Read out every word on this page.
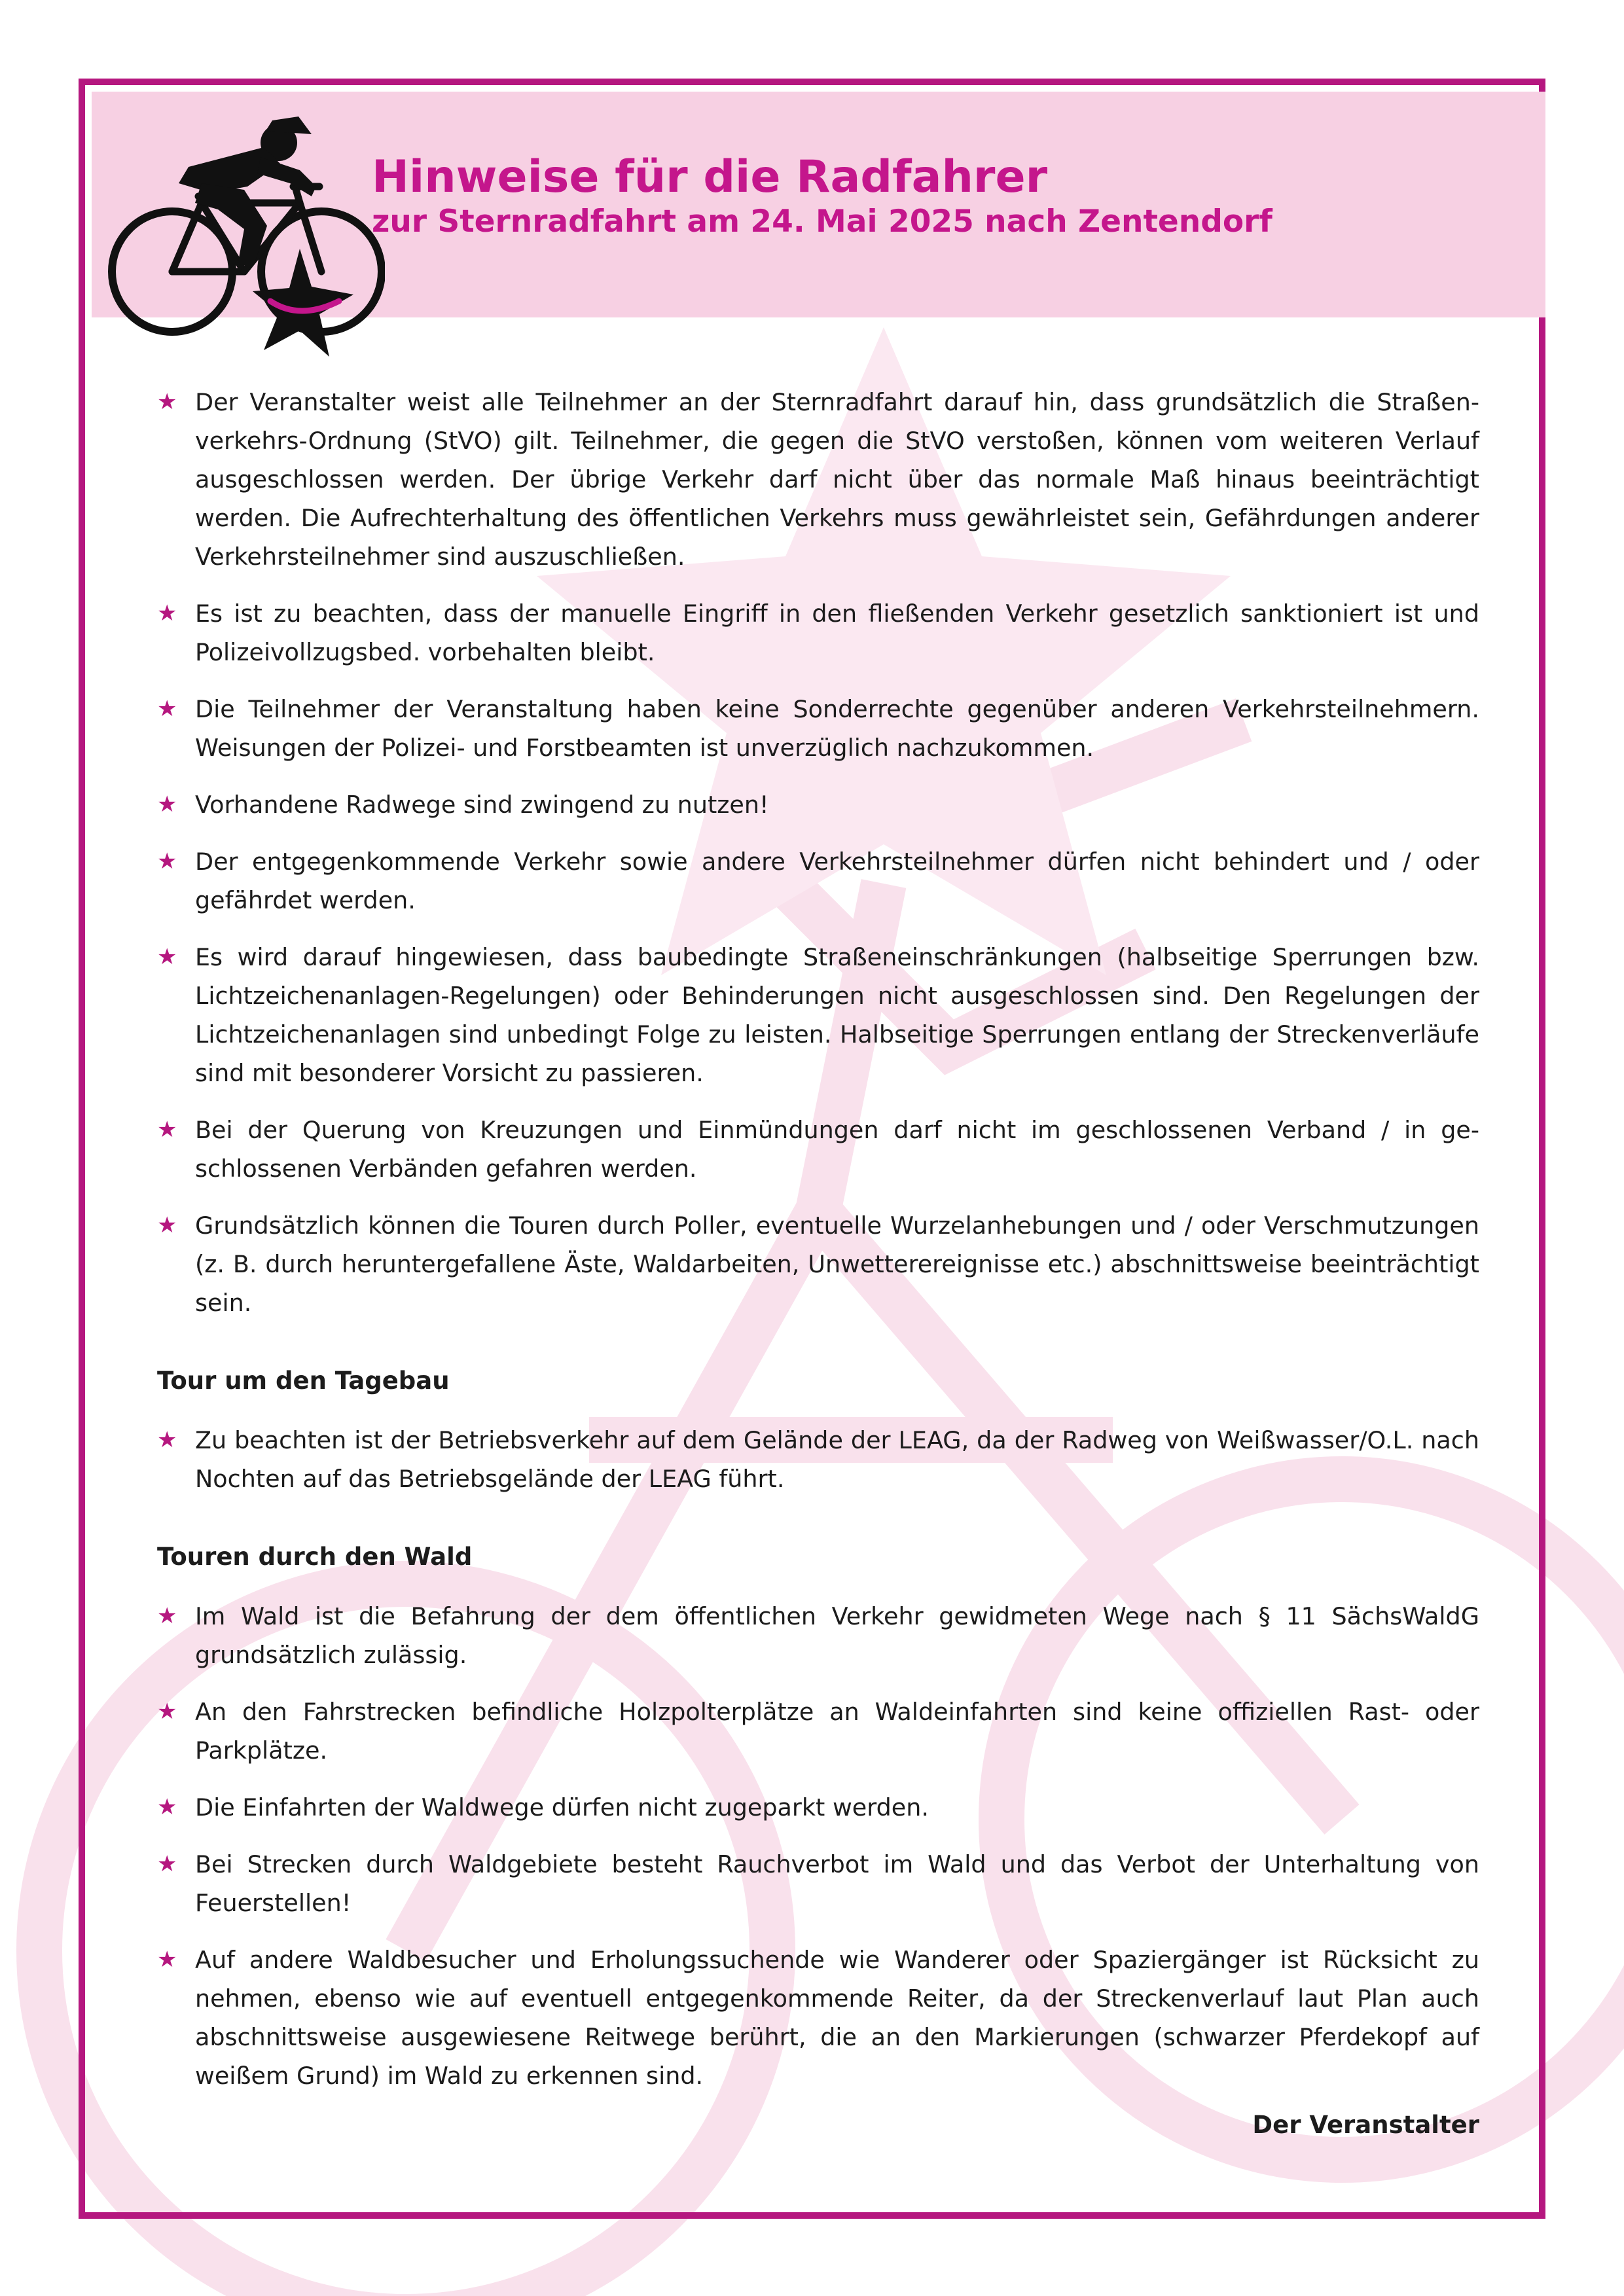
Hinweise für die Radfahrer
zur Sternradfahrt am 24. Mai 2025 nach Zentendorf
★ Der Veranstalter weist alle Teilnehmer an der Sternradfahrt darauf hin, dass grundsätzlich die Straßenverkehrs-Ordnung (StVO) gilt. Teilnehmer, die gegen die StVO verstoßen, können vom weiteren Verlauf ausgeschlossen werden. Der übrige Verkehr darf nicht über das normale Maß hinaus beeinträchtigt werden. Die Aufrechterhaltung des öffentlichen Verkehrs muss gewährleistet sein, Gefährdungen anderer Verkehrsteilnehmer sind auszuschließen.
★ Es ist zu beachten, dass der manuelle Eingriff in den fließenden Verkehr gesetzlich sanktioniert ist und Polizeivollzugsbed. vorbehalten bleibt.
★ Die Teilnehmer der Veranstaltung haben keine Sonderrechte gegenüber anderen Verkehrsteilnehmern. Weisungen der Polizei- und Forstbeamten ist unverzüglich nachzukommen.
★ Vorhandene Radwege sind zwingend zu nutzen!
★ Der entgegenkommende Verkehr sowie andere Verkehrsteilnehmer dürfen nicht behindert und / oder gefährdet werden.
★ Es wird darauf hingewiesen, dass baubedingte Straßeneinschränkungen (halbseitige Sperrungen bzw. Lichtzeichenanlagen-Regelungen) oder Behinderungen nicht ausgeschlossen sind. Den Regelungen der Lichtzeichenanlagen sind unbedingt Folge zu leisten. Halbseitige Sperrungen entlang der Streckenverläufe sind mit besonderer Vorsicht zu passieren.
★ Bei der Querung von Kreuzungen und Einmündungen darf nicht im geschlossenen Verband / in geschlossenen Verbänden gefahren werden.
★ Grundsätzlich können die Touren durch Poller, eventuelle Wurzelanhebungen und / oder Verschmutzungen (z. B. durch heruntergefallene Äste, Waldarbeiten, Unwetterereignisse etc.) abschnittsweise beeinträchtigt sein.
Tour um den Tagebau
★ Zu beachten ist der Betriebsverkehr auf dem Gelände der LEAG, da der Radweg von Weißwasser/O.L. nach Nochten auf das Betriebsgelände der LEAG führt.
Touren durch den Wald
★ Im Wald ist die Befahrung der dem öffentlichen Verkehr gewidmeten Wege nach § 11 SächsWaldG grundsätzlich zulässig.
★ An den Fahrstrecken befindliche Holzpolterplätze an Waldeinfahrten sind keine offiziellen Rast- oder Parkplätze.
★ Die Einfahrten der Waldwege dürfen nicht zugeparkt werden.
★ Bei Strecken durch Waldgebiete besteht Rauchverbot im Wald und das Verbot der Unterhaltung von Feuerstellen!
★ Auf andere Waldbesucher und Erholungssuchende wie Wanderer oder Spaziergänger ist Rücksicht zu nehmen, ebenso wie auf eventuell entgegenkommende Reiter, da der Streckenverlauf laut Plan auch abschnittsweise ausgewiesene Reitwege berührt, die an den Markierungen (schwarzer Pferdekopf auf weißem Grund) im Wald zu erkennen sind.
Der Veranstalter
